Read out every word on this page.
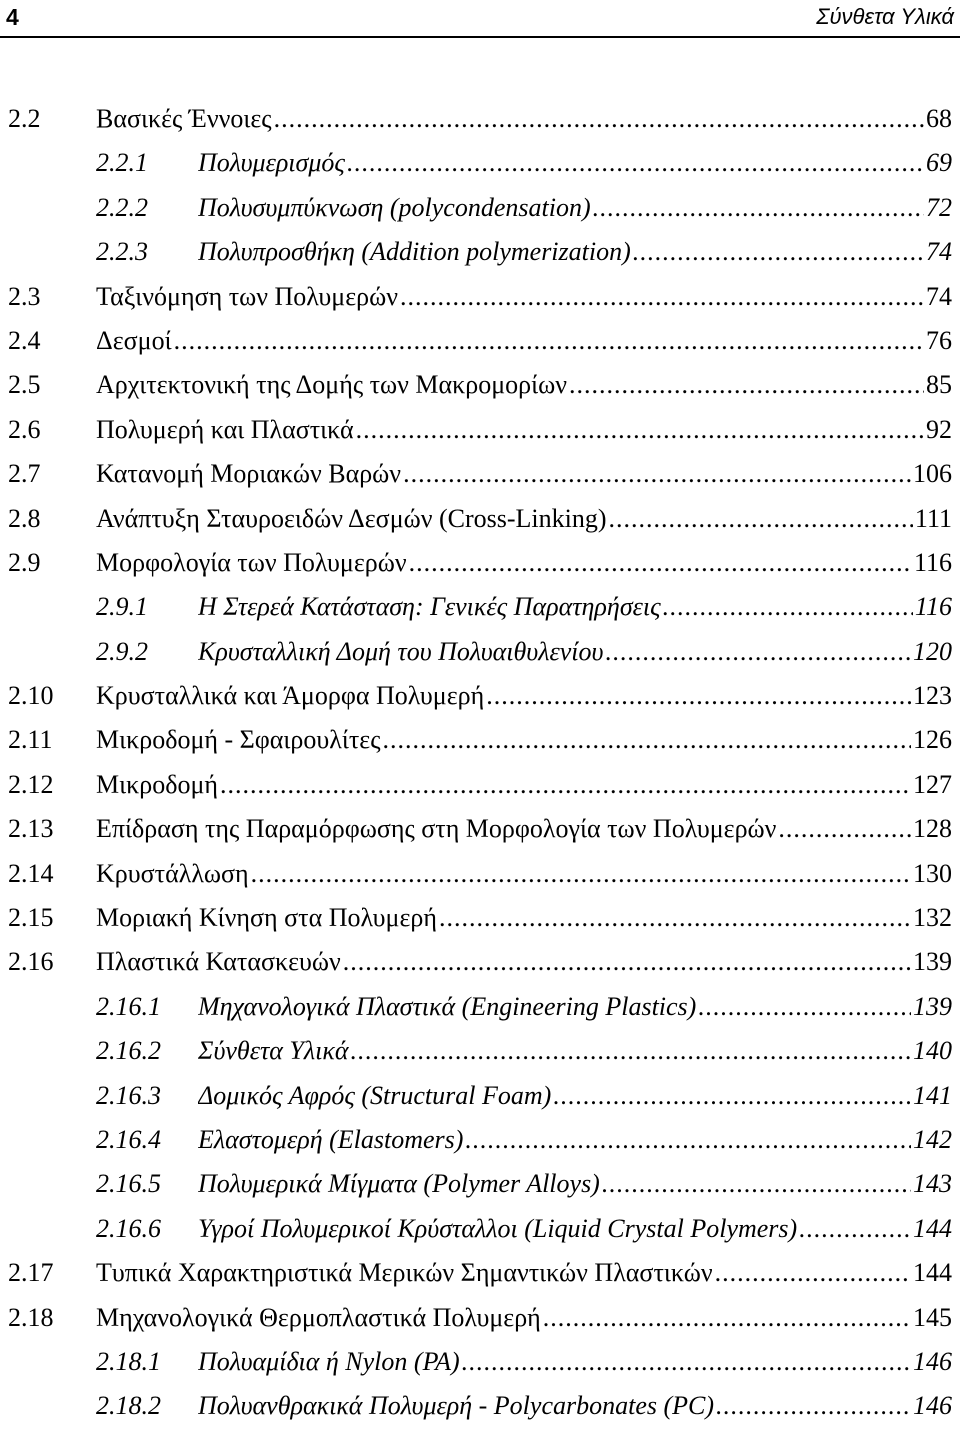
4	Σύνθετα Υλικά
2.2 Βασικές Έννοιες .....	68
2.2.1 Πολυμερισμός .....	69
2.2.2 Πολυσυμπύκνωση (polycondensation) .....	72
2.2.3 Πολυπροσθήκη (Addition polymerization) .....	74
2.3 Ταξινόμηση των Πολυμερών .....	74
2.4 Δεσμοί .....	76
2.5 Αρχιτεκτονική της Δομής των Μακρομορίων .....	85
2.6 Πολυμερή και Πλαστικά .....	92
2.7 Κατανομή Μοριακών Βαρών .....	106
2.8 Ανάπτυξη Σταυροειδών Δεσμών (Cross-Linking) .....	111
2.9 Μορφολογία των Πολυμερών .....	116
2.9.1 Η Στερεά Κατάσταση: Γενικές Παρατηρήσεις .....	116
2.9.2 Κρυσταλλική Δομή του Πολυαιθυλενίου .....	120
2.10 Κρυσταλλικά και Άμορφα Πολυμερή .....	123
2.11 Μικροδομή - Σφαιρουλίτες .....	126
2.12 Μικροδομή .....	127
2.13 Επίδραση της Παραμόρφωσης στη Μορφολογία των Πολυμερών .....	128
2.14 Κρυστάλλωση .....	130
2.15 Μοριακή Κίνηση στα Πολυμερή .....	132
2.16 Πλαστικά Κατασκευών .....	139
2.16.1 Μηχανολογικά Πλαστικά (Engineering Plastics) .....	139
2.16.2 Σύνθετα Υλικά .....	140
2.16.3 Δομικός Αφρός (Structural Foam) .....	141
2.16.4 Ελαστομερή (Elastomers) .....	142
2.16.5 Πολυμερικά Μίγματα (Polymer Alloys) .....	143
2.16.6 Υγροί Πολυμερικοί Κρύσταλλοι (Liquid Crystal Polymers) .....	144
2.17 Τυπικά Χαρακτηριστικά Μερικών Σημαντικών Πλαστικών .....	144
2.18 Μηχανολογικά Θερμοπλαστικά Πολυμερή .....	145
2.18.1 Πολυαμίδια ή Nylon (PA) .....	146
2.18.2 Πολυανθρακικά Πολυμερή - Polycarbonates (PC) .....	146
